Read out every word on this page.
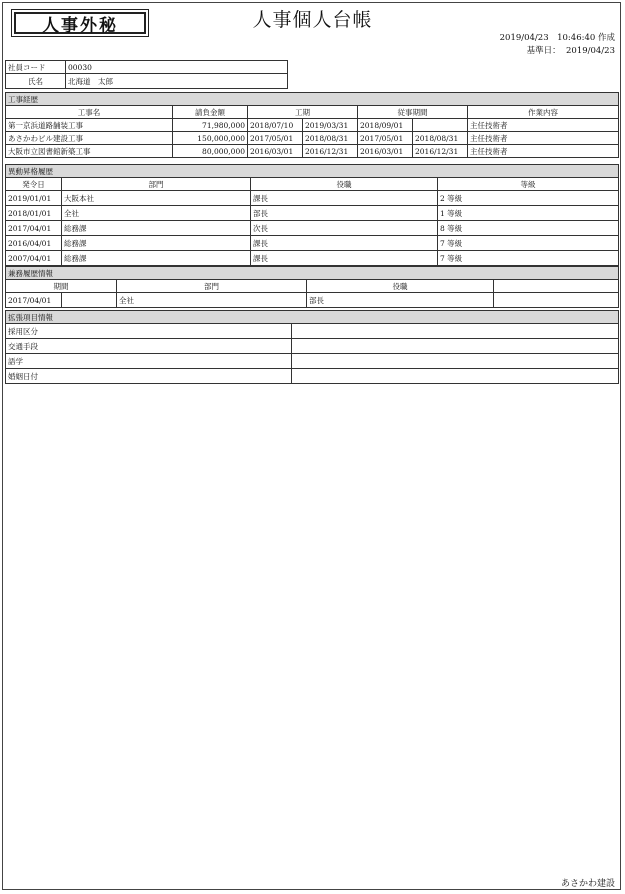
人事外秘	人事個人台帳
2019/04/23　10:46:40 作成
基準日： 2019/04/23
社員コード	00030
氏名	北海道　太郎
工事経歴						
工事名	請負金額	工期		従事期間		作業内容
第一京浜道路舗装工事	71,980,000	2018/07/10	2019/03/31	2018/09/01		主任技術者
あさかわビル建設工事	150,000,000	2017/05/01	2018/08/31	2017/05/01	2018/08/31	主任技術者
大阪市立図書館新築工事	80,000,000	2016/03/01	2016/12/31	2016/03/01	2016/12/31	主任技術者
異動昇格履歴			
発令日	部門	役職	等級
2019/01/01	大阪本社	課長	2 等級
2018/01/01	全社	部長	1 等級
2017/04/01	総務課	次長	8 等級
2016/04/01	総務課	課長	7 等級
2007/04/01	総務課	課長	7 等級
兼務履歴情報				
期間		部門	役職	
2017/04/01		全社	部長	
拡張項目情報	
採用区分	
交通手段	
語学	
婚姻日付	
あさかわ建設
